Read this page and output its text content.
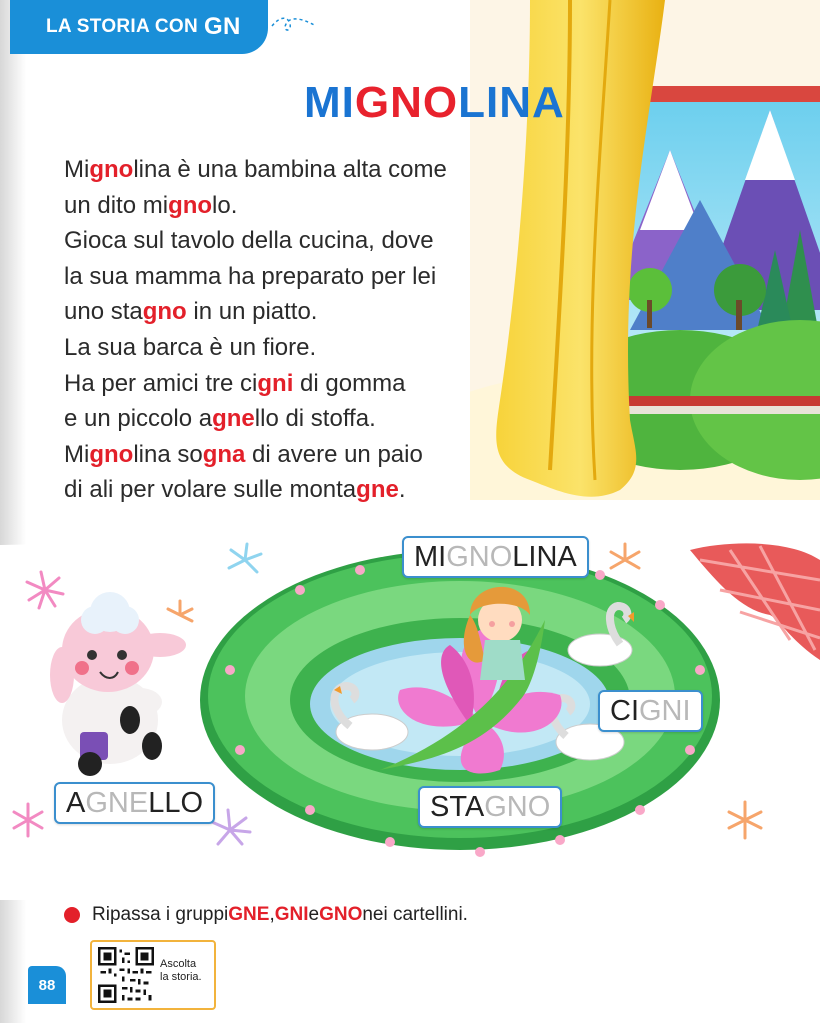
LA STORIA CON GN
MIGNOLINA
Mignolina è una bambina alta come
un dito mignolo.
Gioca sul tavolo della cucina, dove
la sua mamma ha preparato per lei
uno stagno in un piatto.
La sua barca è un fiore.
Ha per amici tre cigni di gomma
e un piccolo agnello di stoffa.
Mignolina sogna di avere un paio
di ali per volare sulle montagne.
MIGNOLINA
CIGNI
STAGNO
AGNELLO
Ripassa i gruppi GNE , GNI e GNO nei cartellini.
88
Ascolta
la storia.
